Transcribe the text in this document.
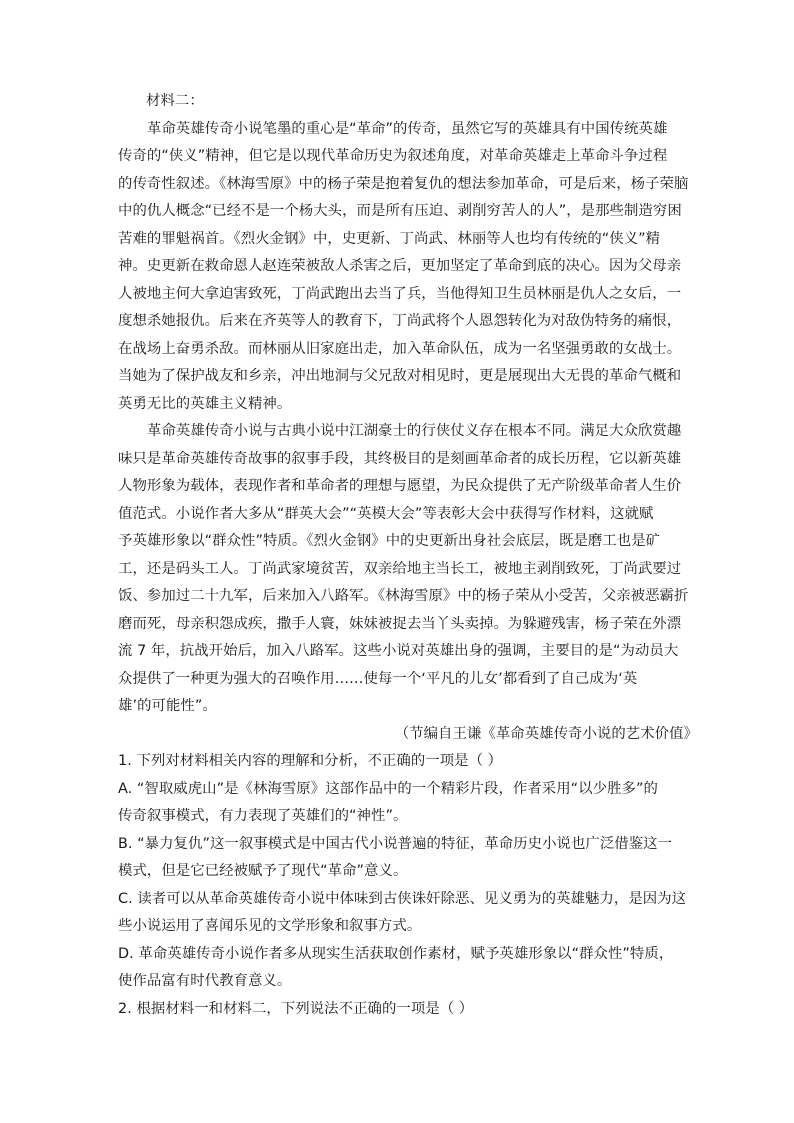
材料二：
革命英雄传奇小说笔墨的重心是“革命”的传奇，虽然它写的英雄具有中国传统英雄
传奇的“侠义”精神，但它是以现代革命历史为叙述角度，对革命英雄走上革命斗争过程
的传奇性叙述。《林海雪原》中的杨子荣是抱着复仇的想法参加革命，可是后来，杨子荣脑
中的仇人概念“已经不是一个杨大头，而是所有压迫、剥削穷苦人的人”，是那些制造穷困
苦难的罪魁祸首。《烈火金钢》中，史更新、丁尚武、林丽等人也均有传统的“侠义”精
神。史更新在救命恩人赵连荣被敌人杀害之后，更加坚定了革命到底的决心。因为父母亲
人被地主何大拿迫害致死，丁尚武跑出去当了兵，当他得知卫生员林丽是仇人之女后，一
度想杀她报仇。后来在齐英等人的教育下，丁尚武将个人恩怨转化为对敌伪特务的痛恨，
在战场上奋勇杀敌。而林丽从旧家庭出走，加入革命队伍，成为一名坚强勇敢的女战士。
当她为了保护战友和乡亲，冲出地洞与父兄敌对相见时，更是展现出大无畏的革命气概和
英勇无比的英雄主义精神。
革命英雄传奇小说与古典小说中江湖豪士的行侠仗义存在根本不同。满足大众欣赏趣
味只是革命英雄传奇故事的叙事手段，其终极目的是刻画革命者的成长历程，它以新英雄
人物形象为载体，表现作者和革命者的理想与愿望，为民众提供了无产阶级革命者人生价
值范式。小说作者大多从“群英大会”“英模大会”等表彰大会中获得写作材料，这就赋
予英雄形象以“群众性”特质。《烈火金钢》中的史更新出身社会底层，既是磨工也是矿
工，还是码头工人。丁尚武家境贫苦，双亲给地主当长工，被地主剥削致死，丁尚武要过
饭、参加过二十九军，后来加入八路军。《林海雪原》中的杨子荣从小受苦，父亲被恶霸折
磨而死，母亲积怨成疾，撒手人寰，妹妹被捉去当丫头卖掉。为躲避残害，杨子荣在外漂
流 7 年，抗战开始后，加入八路军。这些小说对英雄出身的强调，主要目的是“为动员大
众提供了一种更为强大的召唤作用……使每一个‘平凡的儿女’都看到了自己成为‘英
雄’的可能性”。
（节编自王谦《革命英雄传奇小说的艺术价值》
1. 下列对材料相关内容的理解和分析，不正确的一项是（ ）
A. “智取威虎山”是《林海雪原》这部作品中的一个精彩片段，作者采用“以少胜多”的
传奇叙事模式，有力表现了英雄们的“神性”。
B. “暴力复仇”这一叙事模式是中国古代小说普遍的特征，革命历史小说也广泛借鉴这一
模式，但是它已经被赋予了现代“革命”意义。
C. 读者可以从革命英雄传奇小说中体味到古侠诛奸除恶、见义勇为的英雄魅力，是因为这
些小说运用了喜闻乐见的文学形象和叙事方式。
D. 革命英雄传奇小说作者多从现实生活获取创作素材，赋予英雄形象以“群众性”特质，
使作品富有时代教育意义。
2. 根据材料一和材料二，下列说法不正确的一项是（ ）
